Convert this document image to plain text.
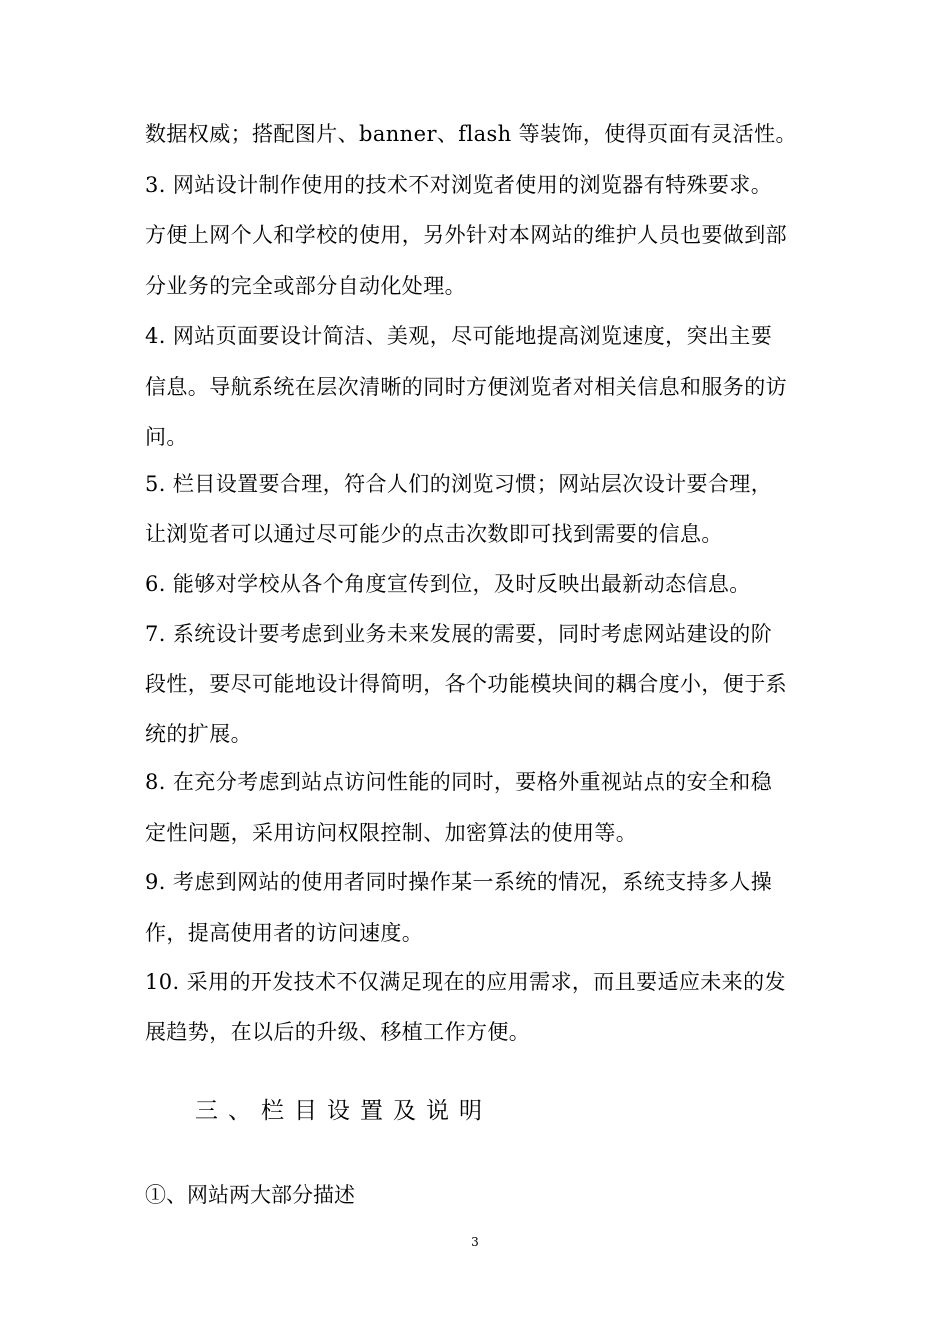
数据权威；搭配图片、banner、flash 等装饰，使得页面有灵活性。
3. 网站设计制作使用的技术不对浏览者使用的浏览器有特殊要求。
方便上网个人和学校的使用，另外针对本网站的维护人员也要做到部
分业务的完全或部分自动化处理。
4. 网站页面要设计简洁、美观，尽可能地提高浏览速度，突出主要
信息。导航系统在层次清晰的同时方便浏览者对相关信息和服务的访
问。
5. 栏目设置要合理，符合人们的浏览习惯；网站层次设计要合理，
让浏览者可以通过尽可能少的点击次数即可找到需要的信息。
6. 能够对学校从各个角度宣传到位，及时反映出最新动态信息。
7. 系统设计要考虑到业务未来发展的需要，同时考虑网站建设的阶
段性，要尽可能地设计得简明，各个功能模块间的耦合度小，便于系
统的扩展。
8. 在充分考虑到站点访问性能的同时，要格外重视站点的安全和稳
定性问题，采用访问权限控制、加密算法的使用等。
9. 考虑到网站的使用者同时操作某一系统的情况，系统支持多人操
作，提高使用者的访问速度。
10. 采用的开发技术不仅满足现在的应用需求，而且要适应未来的发
展趋势，在以后的升级、移植工作方便。
三、栏目设置及说明
①、网站两大部分描述
3
